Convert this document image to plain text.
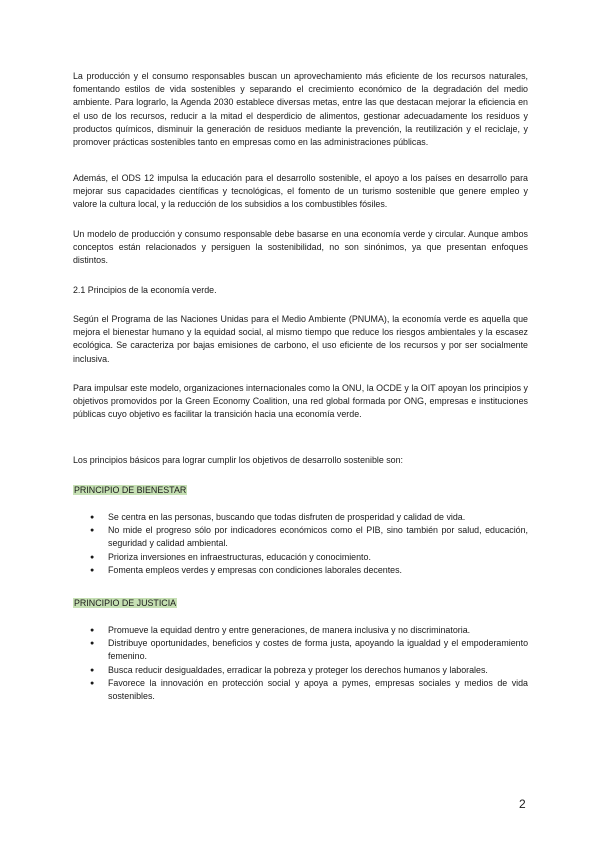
La producción y el consumo responsables buscan un aprovechamiento más eficiente de los recursos naturales, fomentando estilos de vida sostenibles y separando el crecimiento económico de la degradación del medio ambiente. Para lograrlo, la Agenda 2030 establece diversas metas, entre las que destacan mejorar la eficiencia en el uso de los recursos, reducir a la mitad el desperdicio de alimentos, gestionar adecuadamente los residuos y productos químicos, disminuir la generación de residuos mediante la prevención, la reutilización y el reciclaje, y promover prácticas sostenibles tanto en empresas como en las administraciones públicas.

Además, el ODS 12 impulsa la educación para el desarrollo sostenible, el apoyo a los países en desarrollo para mejorar sus capacidades científicas y tecnológicas, el fomento de un turismo sostenible que genere empleo y valore la cultura local, y la reducción de los subsidios a los combustibles fósiles.

Un modelo de producción y consumo responsable debe basarse en una economía verde y circular. Aunque ambos conceptos están relacionados y persiguen la sostenibilidad, no son sinónimos, ya que presentan enfoques distintos.

2.1 Principios de la economía verde.

Según el Programa de las Naciones Unidas para el Medio Ambiente (PNUMA), la economía verde es aquella que mejora el bienestar humano y la equidad social, al mismo tiempo que reduce los riesgos ambientales y la escasez ecológica. Se caracteriza por bajas emisiones de carbono, el uso eficiente de los recursos y por ser socialmente inclusiva.

Para impulsar este modelo, organizaciones internacionales como la ONU, la OCDE y la OIT apoyan los principios y objetivos promovidos por la Green Economy Coalition, una red global formada por ONG, empresas e instituciones públicas cuyo objetivo es facilitar la transición hacia una economía verde.

Los principios básicos para lograr cumplir los objetivos de desarrollo sostenible son:

PRINCIPIO DE BIENESTAR

● Se centra en las personas, buscando que todas disfruten de prosperidad y calidad de vida.
● No mide el progreso sólo por indicadores económicos como el PIB, sino también por salud, educación, seguridad y calidad ambiental.
● Prioriza inversiones en infraestructuras, educación y conocimiento.
● Fomenta empleos verdes y empresas con condiciones laborales decentes.

PRINCIPIO DE JUSTICIA

● Promueve la equidad dentro y entre generaciones, de manera inclusiva y no discriminatoria.
● Distribuye oportunidades, beneficios y costes de forma justa, apoyando la igualdad y el empoderamiento femenino.
● Busca reducir desigualdades, erradicar la pobreza y proteger los derechos humanos y laborales.
● Favorece la innovación en protección social y apoya a pymes, empresas sociales y medios de vida sostenibles.
2
